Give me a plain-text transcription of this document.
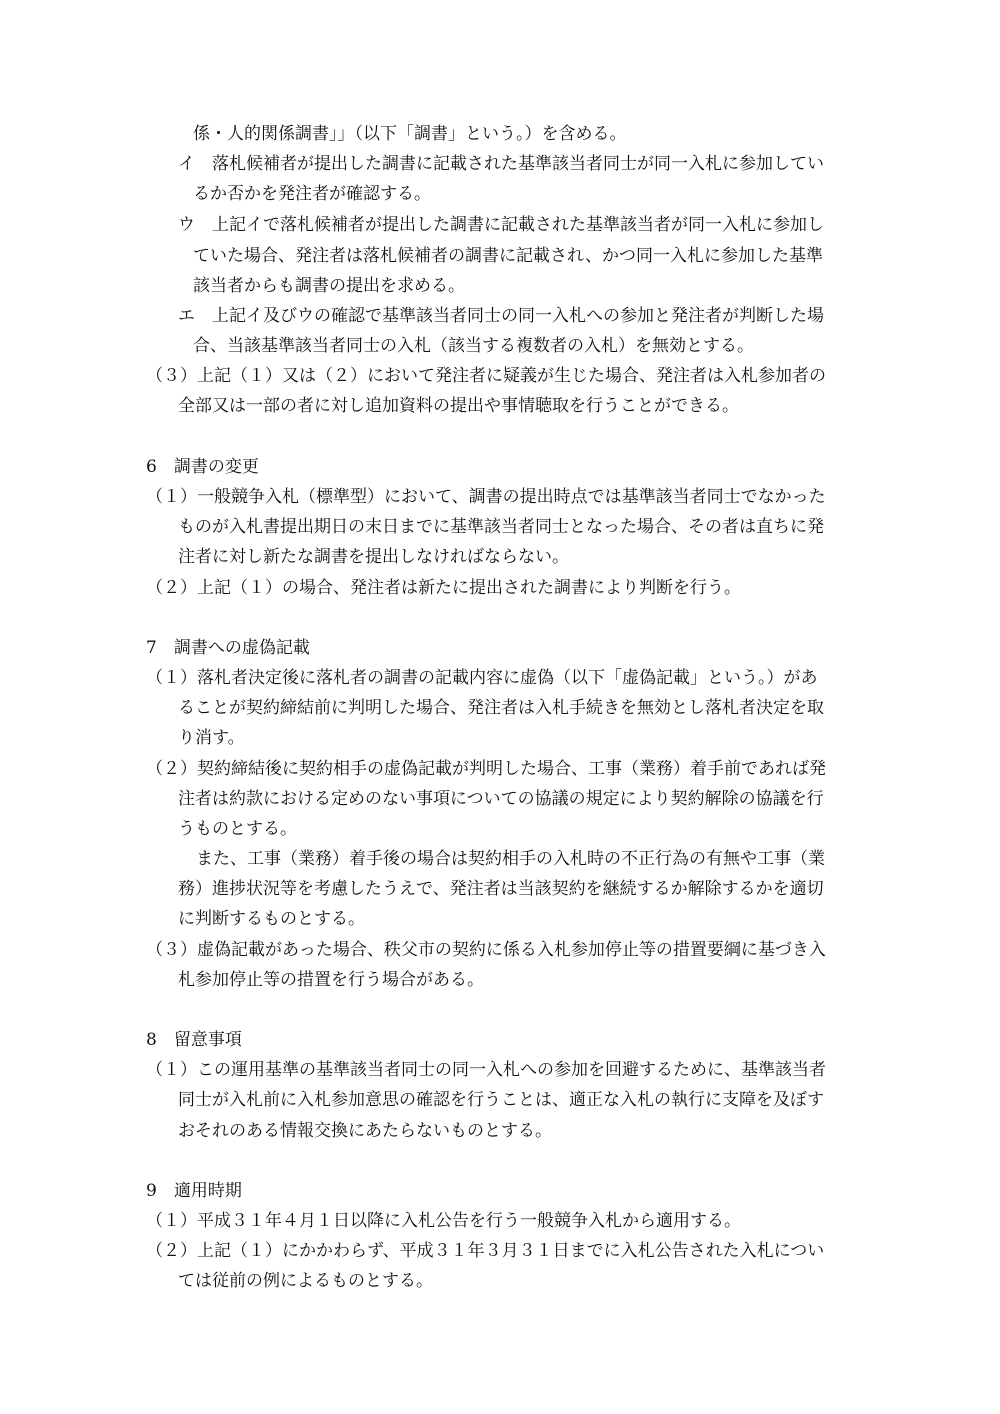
係・人的関係調書」」（以下「調書」という。）を含める。
イ　落札候補者が提出した調書に記載された基準該当者同士が同一入札に参加してい
るか否かを発注者が確認する。
ウ　上記イで落札候補者が提出した調書に記載された基準該当者が同一入札に参加し
ていた場合、発注者は落札候補者の調書に記載され、かつ同一入札に参加した基準
該当者からも調書の提出を求める。
エ　上記イ及びウの確認で基準該当者同士の同一入札への参加と発注者が判断した場
合、当該基準該当者同士の入札（該当する複数者の入札）を無効とする。
（３）上記（１）又は（２）において発注者に疑義が生じた場合、発注者は入札参加者の
全部又は一部の者に対し追加資料の提出や事情聴取を行うことができる。
6　調書の変更
（１）一般競争入札（標準型）において、調書の提出時点では基準該当者同士でなかった
ものが入札書提出期日の末日までに基準該当者同士となった場合、その者は直ちに発
注者に対し新たな調書を提出しなければならない。
（２）上記（１）の場合、発注者は新たに提出された調書により判断を行う。
7　調書への虚偽記載
（１）落札者決定後に落札者の調書の記載内容に虚偽（以下「虚偽記載」という。）があ
ることが契約締結前に判明した場合、発注者は入札手続きを無効とし落札者決定を取
り消す。
（２）契約締結後に契約相手の虚偽記載が判明した場合、工事（業務）着手前であれば発
注者は約款における定めのない事項についての協議の規定により契約解除の協議を行
うものとする。
また、工事（業務）着手後の場合は契約相手の入札時の不正行為の有無や工事（業
務）進捗状況等を考慮したうえで、発注者は当該契約を継続するか解除するかを適切
に判断するものとする。
（３）虚偽記載があった場合、秩父市の契約に係る入札参加停止等の措置要綱に基づき入
札参加停止等の措置を行う場合がある。
8　留意事項
（１）この運用基準の基準該当者同士の同一入札への参加を回避するために、基準該当者
同士が入札前に入札参加意思の確認を行うことは、適正な入札の執行に支障を及ぼす
おそれのある情報交換にあたらないものとする。
9　適用時期
（１）平成３１年４月１日以降に入札公告を行う一般競争入札から適用する。
（２）上記（１）にかかわらず、平成３１年３月３１日までに入札公告された入札につい
ては従前の例によるものとする。
